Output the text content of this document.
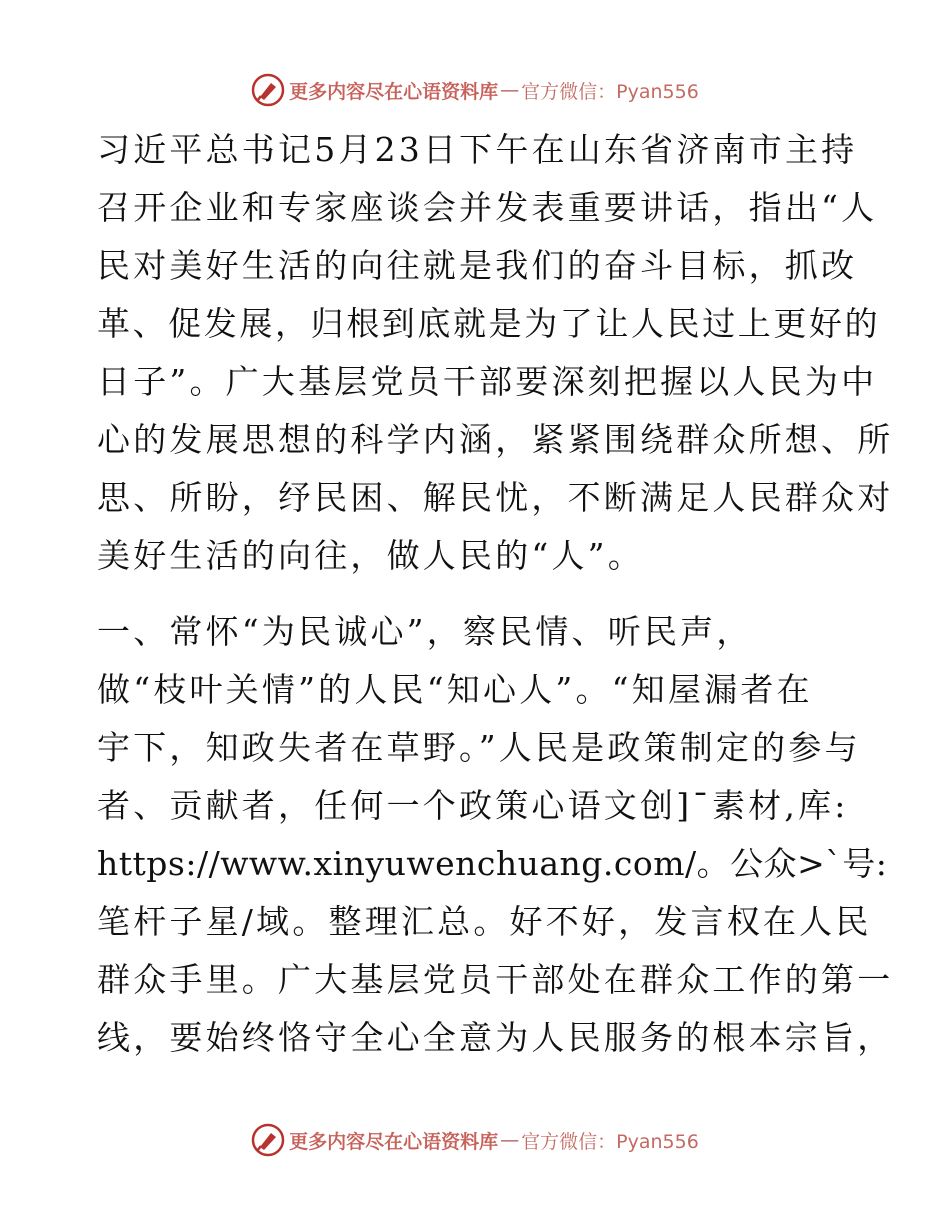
更多内容尽在心语资料库 — 官方微信：Pyan556
习近平总书记5月23日下午在山东省济南市主持
召开企业和专家座谈会并发表重要讲话，指出“人
民对美好生活的向往就是我们的奋斗目标，抓改
革、促发展，归根到底就是为了让人民过上更好的
日子”。广大基层党员干部要深刻把握以人民为中
心的发展思想的科学内涵，紧紧围绕群众所想、所
思、所盼，纾民困、解民忧，不断满足人民群众对
美好生活的向往，做人民的“人”。
一、常怀“为民诚心”，察民情、听民声，
做“枝叶关情”的人民“知心人”。“知屋漏者在
宇下，知政失者在草野。”人民是政策制定的参与
者、贡献者，任何一个政策心语文创]¯素材,库:
https://www.xinyuwenchuang.com/。公众>`号:
笔杆子星/域。整理汇总。好不好，发言权在人民
群众手里。广大基层党员干部处在群众工作的第一
线，要始终恪守全心全意为人民服务的根本宗旨，
更多内容尽在心语资料库 — 官方微信：Pyan556
